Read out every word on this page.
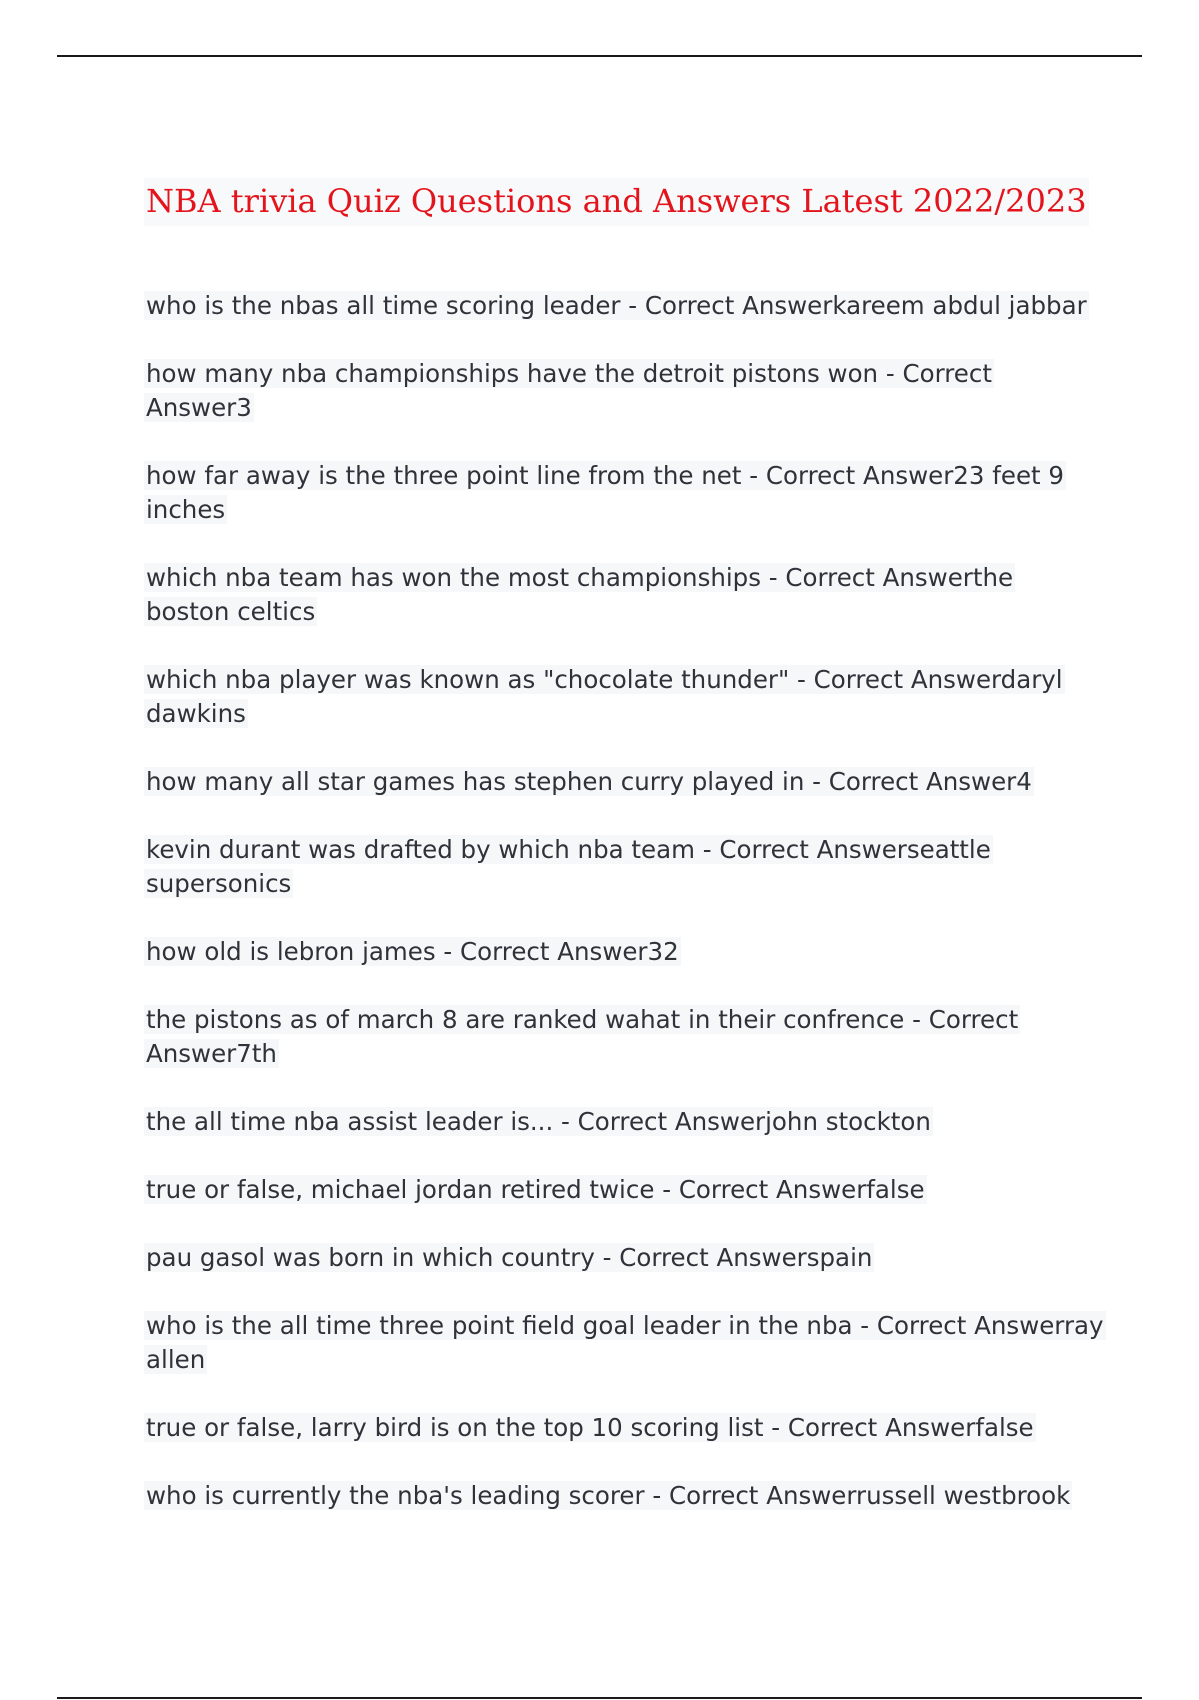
NBA trivia Quiz Questions and Answers Latest 2022/2023
who is the nbas all time scoring leader - Correct Answerkareem abdul jabbar
how many nba championships have the detroit pistons won - Correct Answer3
how far away is the three point line from the net - Correct Answer23 feet 9 inches
which nba team has won the most championships - Correct Answerthe boston celtics
which nba player was known as "chocolate thunder" - Correct Answerdaryl dawkins
how many all star games has stephen curry played in - Correct Answer4
kevin durant was drafted by which nba team - Correct Answerseattle supersonics
how old is lebron james - Correct Answer32
the pistons as of march 8 are ranked wahat in their confrence - Correct Answer7th
the all time nba assist leader is... - Correct Answerjohn stockton
true or false, michael jordan retired twice - Correct Answerfalse
pau gasol was born in which country - Correct Answerspain
who is the all time three point field goal leader in the nba - Correct Answerray allen
true or false, larry bird is on the top 10 scoring list - Correct Answerfalse
who is currently the nba's leading scorer - Correct Answerrussell westbrook
